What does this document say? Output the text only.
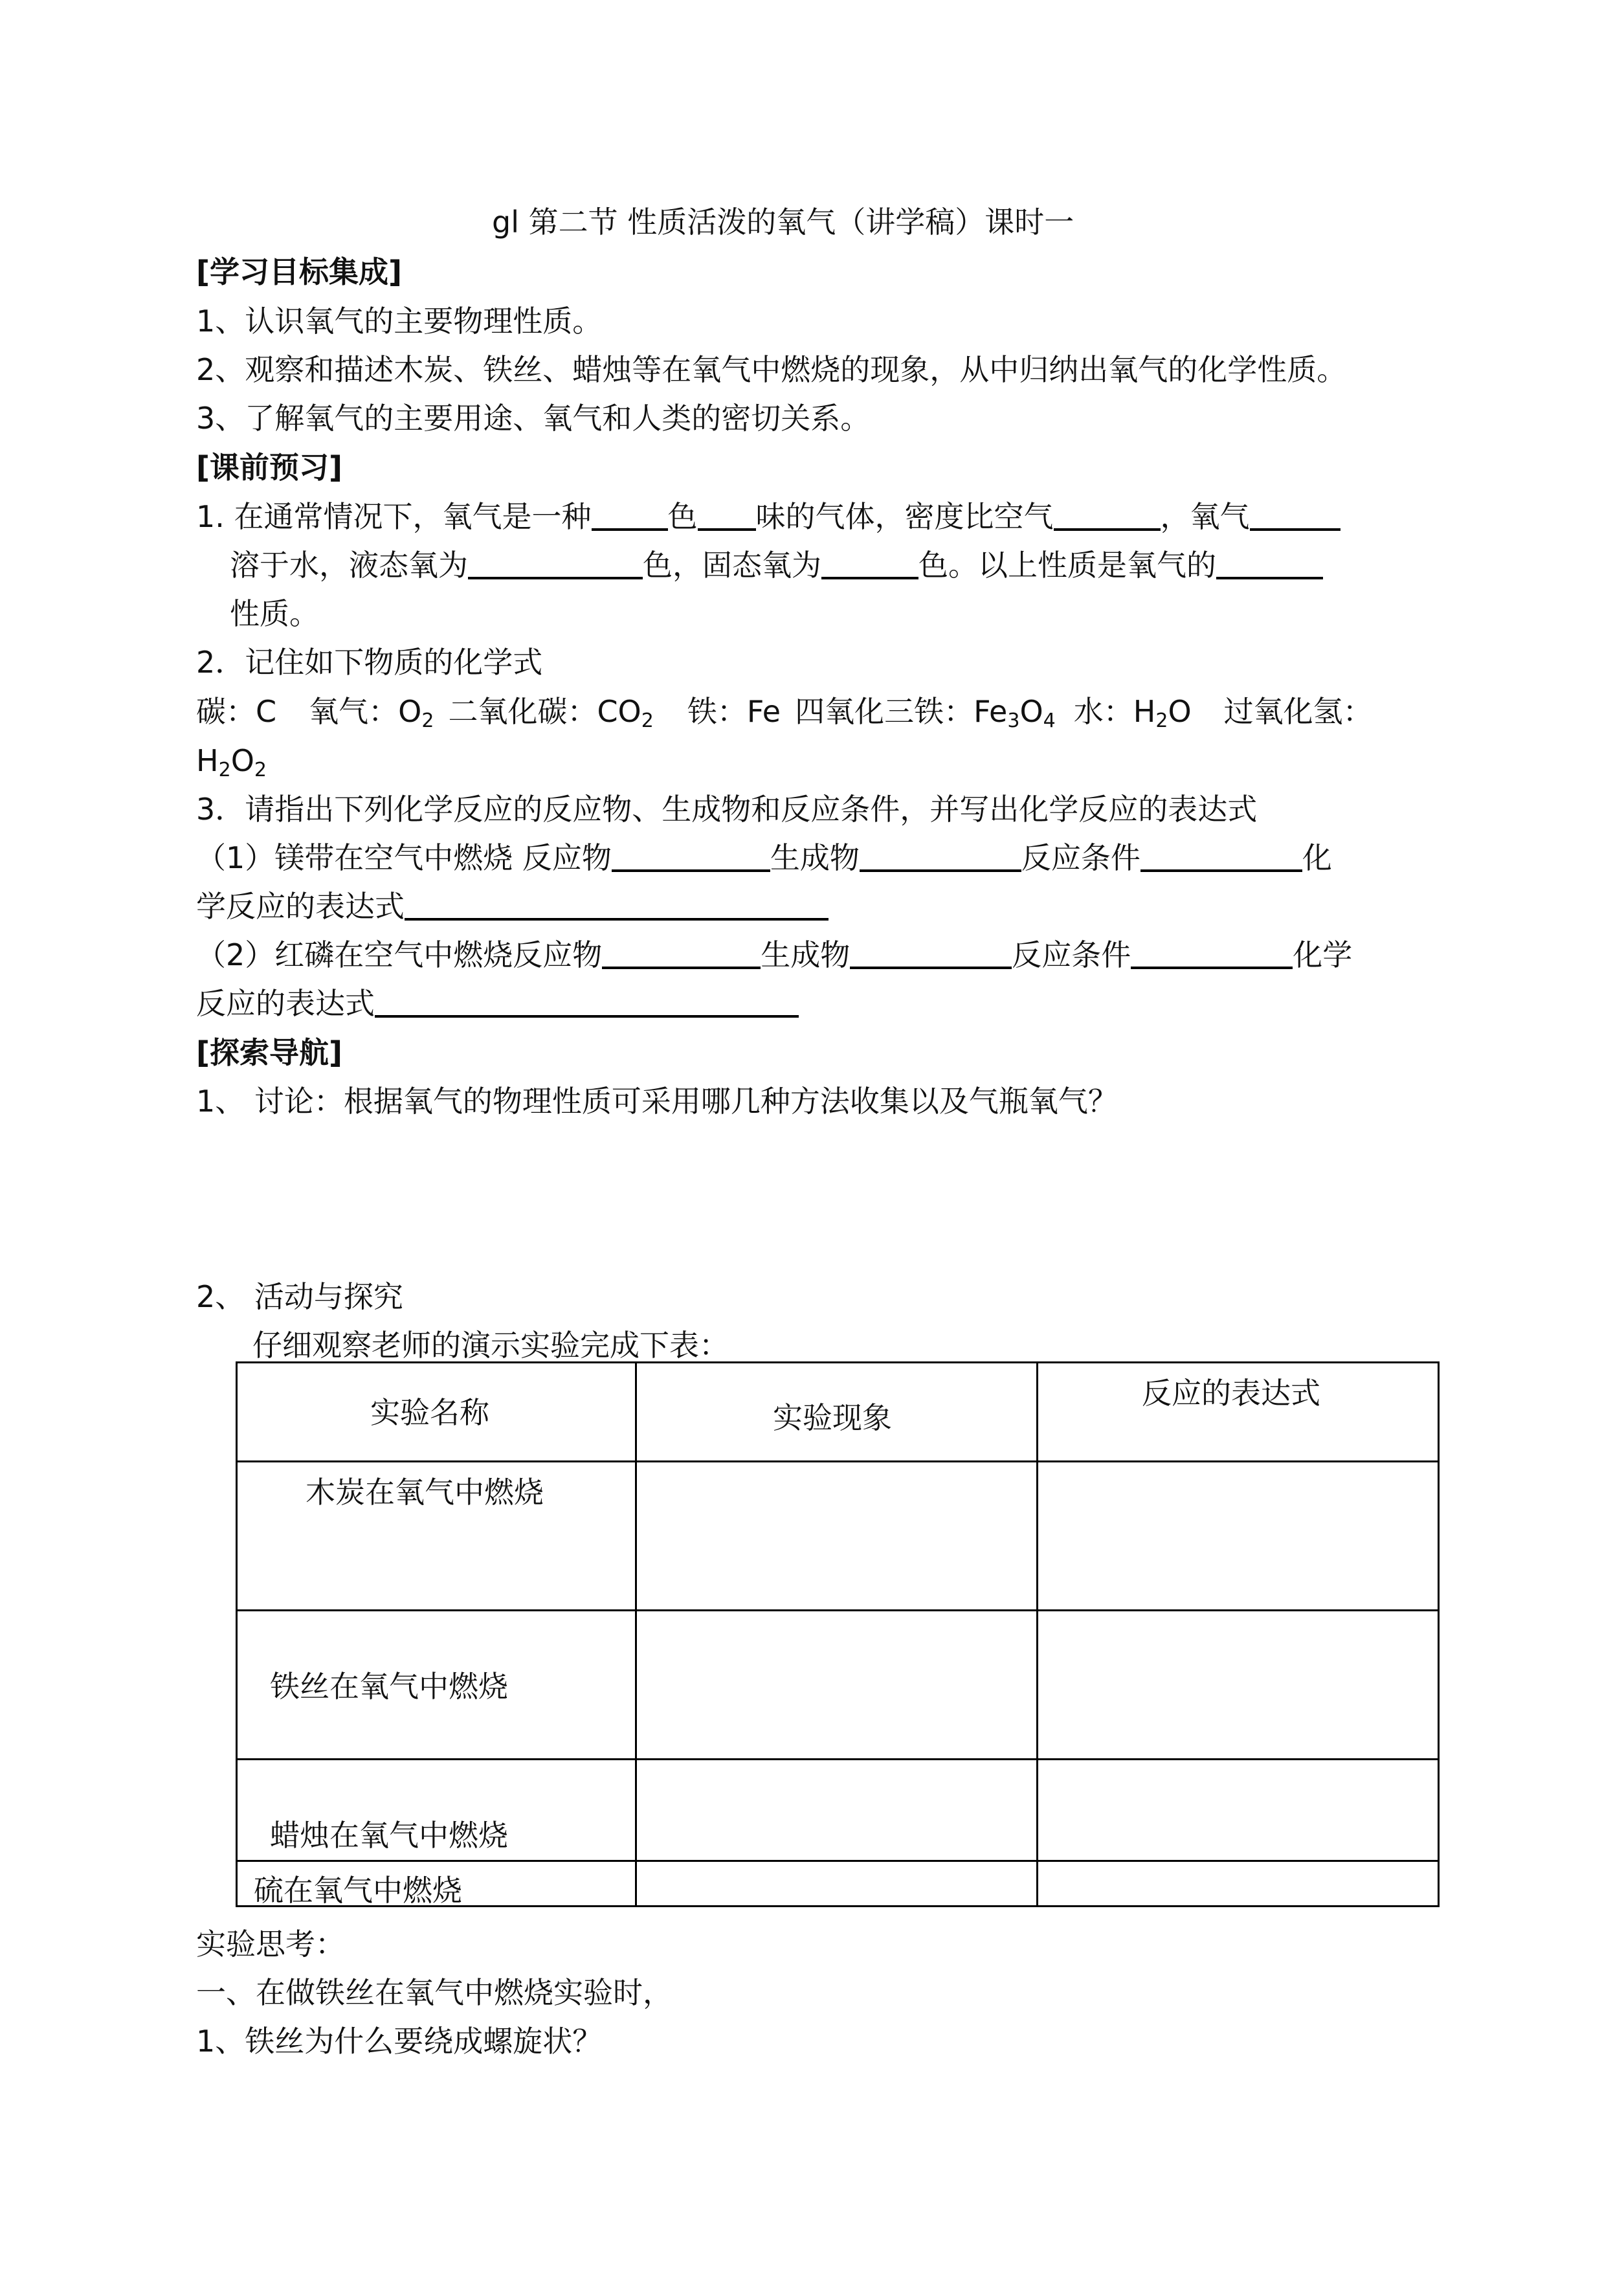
gl 第二节 性质活泼的氧气（讲学稿）课时一
[学习目标集成]
1、认识氧气的主要物理性质。
2、观察和描述木炭、铁丝、蜡烛等在氧气中燃烧的现象，从中归纳出氧气的化学性质。
3、了解氧气的主要用途、氧气和人类的密切关系。
[课前预习]
1. 在通常情况下，氧气是一种	色 味的气体，密度比空气	，氧气
溶于水，液态氧为	色，固态氧为	色。以上性质是氧气的
性质。
2．记住如下物质的化学式
碳：C 氧气：$O_2$ 二氧化碳：$CO_2$ 铁：Fe 四氧化三铁：$Fe_3O_4$ 水：$H_2O$ 过氧化氢：
$H_2O_2$
3．请指出下列化学反应的反应物、生成物和反应条件，并写出化学反应的表达式
（1）镁带在空气中燃烧 反应物	生成物	反应条件	化
学反应的表达式
（2）红磷在空气中燃烧反应物	生成物	反应条件	化学
反应的表达式
[探索导航]
1、 讨论：根据氧气的物理性质可采用哪几种方法收集以及气瓶氧气？
2、 活动与探究
仔细观察老师的演示实验完成下表：
实验名称	实验现象	反应的表达式

木炭在氧气中燃烧		

铁丝在氧气中燃烧		

蜡烛在氧气中燃烧		

硫在氧气中燃烧		

实验思考：
一、在做铁丝在氧气中燃烧实验时，
1、铁丝为什么要绕成螺旋状？
